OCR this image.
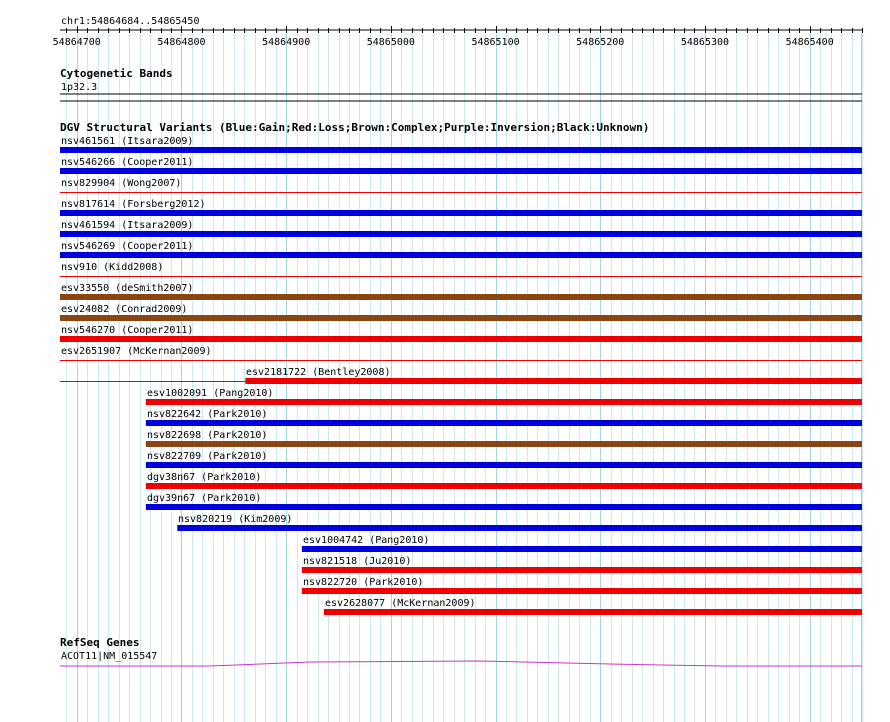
chr1:54864684..54865450
54864700	54864800	54864900	54865000	54865100	54865200	54865300	54865400
Cytogenetic Bands
1p32.3
DGV Structural Variants (Blue:Gain;Red:Loss;Brown:Complex;Purple:Inversion;Black:Unknown)
nsv461561 (Itsara2009)
nsv546266 (Cooper2011)
nsv829904 (Wong2007)
nsv817614 (Forsberg2012)
nsv461594 (Itsara2009)
nsv546269 (Cooper2011)
nsv910 (Kidd2008)
esv33550 (deSmith2007)
esv24082 (Conrad2009)
nsv546270 (Cooper2011)
esv2651907 (McKernan2009)
esv2181722 (Bentley2008)
esv1002091 (Pang2010)
nsv822642 (Park2010)
nsv822698 (Park2010)
nsv822709 (Park2010)
dgv38n67 (Park2010)
dgv39n67 (Park2010)
nsv820219 (Kim2009)
esv1004742 (Pang2010)
nsv821518 (Ju2010)
nsv822720 (Park2010)
esv2628077 (McKernan2009)
RefSeq Genes
ACOT11|NM_015547
